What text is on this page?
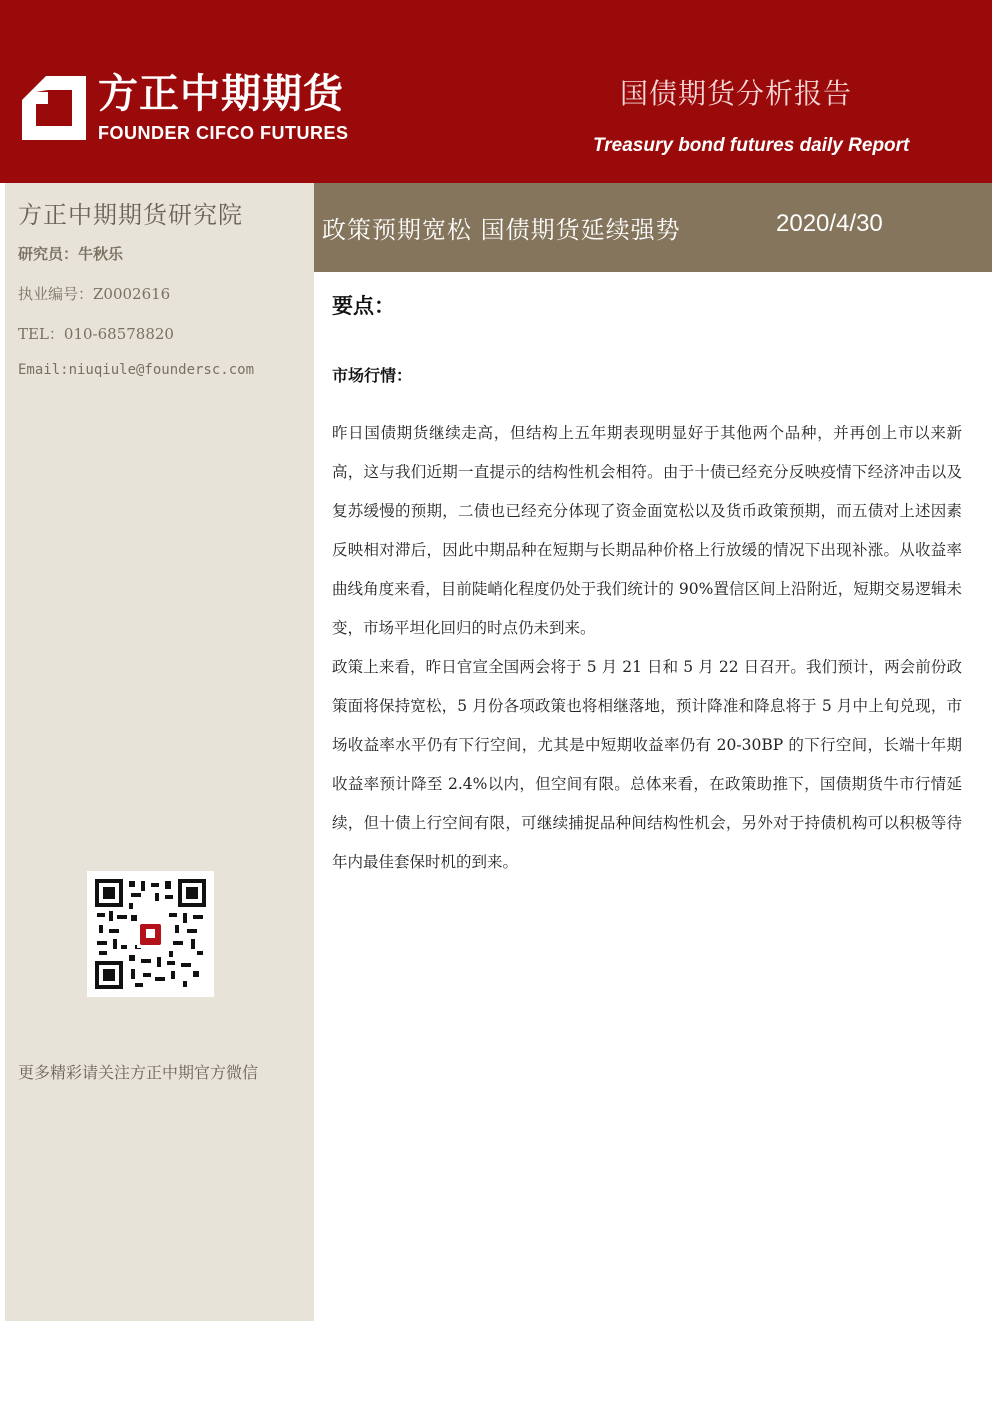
方正中期期货
FOUNDER CIFCO FUTURES
国债期货分析报告
Treasury bond futures daily Report
方正中期期货研究院
研究员：牛秋乐
执业编号：Z0002616
TEL：010-68578820
Email:niuqiule@foundersc.com
更多精彩请关注方正中期官方微信
政策预期宽松 国债期货延续强势	2020/4/30
要点：
市场行情：

昨日国债期货继续走高，但结构上五年期表现明显好于其他两个品种，并再创上市以来新高，这与我们近期一直提示的结构性机会相符。由于十债已经充分反映疫情下经济冲击以及复苏缓慢的预期，二债也已经充分体现了资金面宽松以及货币政策预期，而五债对上述因素反映相对滞后，因此中期品种在短期与长期品种价格上行放缓的情况下出现补涨。从收益率曲线角度来看，目前陡峭化程度仍处于我们统计的 90%置信区间上沿附近，短期交易逻辑未变，市场平坦化回归的时点仍未到来。

政策上来看，昨日官宣全国两会将于 5 月 21 日和 5 月 22 日召开。我们预计，两会前份政策面将保持宽松，5 月份各项政策也将相继落地，预计降准和降息将于 5 月中上旬兑现，市场收益率水平仍有下行空间，尤其是中短期收益率仍有 20-30BP 的下行空间，长端十年期收益率预计降至 2.4%以内，但空间有限。总体来看，在政策助推下，国债期货牛市行情延续，但十债上行空间有限，可继续捕捉品种间结构性机会，另外对于持债机构可以积极等待年内最佳套保时机的到来。
